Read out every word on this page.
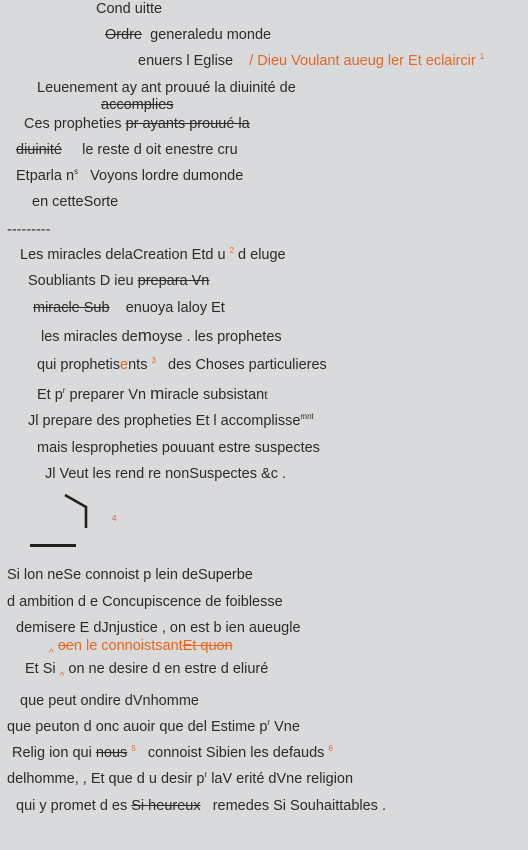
Cond uitte
Ordre generaledu monde
enuers l Eglise / Dieu Voulant aueug ler Et eclaircir $^1$
Leuenement ay ant prouué la diuinité de
accomplies
Ces propheties pr ayants prouué la
diuinité le reste d oit enestre cru
Etparla $n^s$ Voyons lordre dumonde
en cetteSorte
---------
Les miracles delaCreation Etd u $^2$ d eluge
Soubliants D ieu prepara Vn
miracle Sub enuoya laloy Et
les miracles demoyse . les prophetes
qui prophetisents $^3$ des Choses particulieres
Et $p^r$ preparer Vn miracle subsistant
Jl prepare des propheties Et l accomplisse$^{mnt}$
mais lespropheties pouuant estre suspectes
Jl Veut les rend re nonSuspectes &c .
4
Si lon neSe connoist p lein deSuperbe
d ambition d e Concupiscence de foiblesse
demisere E dJnjustice , on est b ien aueugle
$_{\^{}}$ oen le connoistsantEt quon
Et Si $_{\^{}}$ on ne desire d en estre d eliuré
que peut ondire dVnhomme
que peuton d onc auoir que del Estime $p^r$ Vne
Relig ion qui nous $^5$ connoist Sibien les defauds $^6$
delhomme, , Et que d u desir $p^r$ laV erité dVne religion
qui y promet d es Si heureux remedes Si Souhaittables .
